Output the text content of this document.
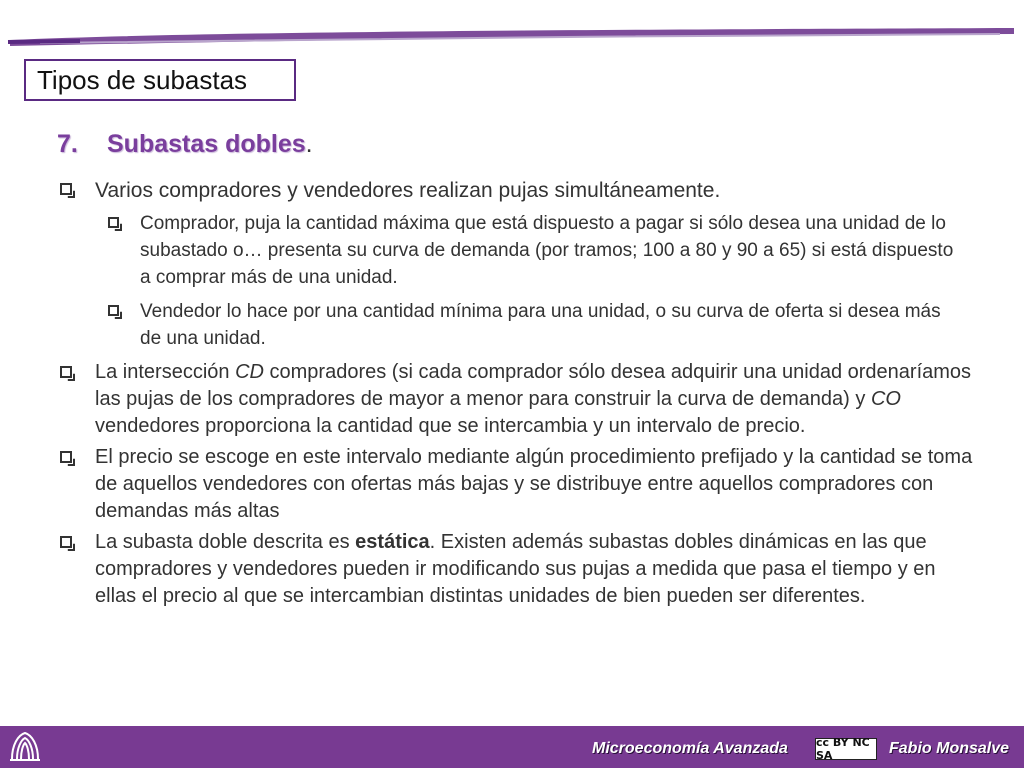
Tipos de subastas
7. Subastas dobles.
Varios compradores y vendedores realizan pujas simultáneamente.
Comprador, puja la cantidad máxima que está dispuesto a pagar si sólo desea una unidad de lo subastado o… presenta su curva de demanda (por tramos; 100 a 80 y 90 a 65) si está dispuesto a comprar más de una unidad.
Vendedor lo hace por una cantidad mínima para una unidad, o su curva de oferta si desea más de una unidad.
La intersección CD compradores (si cada comprador sólo desea adquirir una unidad ordenaríamos las pujas de los compradores de mayor a menor para construir la curva de demanda) y CO vendedores proporciona la cantidad que se intercambia y un intervalo de precio.
El precio se escoge en este intervalo mediante algún procedimiento prefijado y la cantidad se toma de aquellos vendedores con ofertas más bajas y se distribuye entre aquellos compradores con demandas más altas
La subasta doble descrita es estática. Existen además subastas dobles dinámicas en las que compradores y vendedores pueden ir modificando sus pujas a medida que pasa el tiempo y en ellas el precio al que se intercambian distintas unidades de bien pueden ser diferentes.
Microeconomía Avanzada	cc BY NC SA	Fabio Monsalve
